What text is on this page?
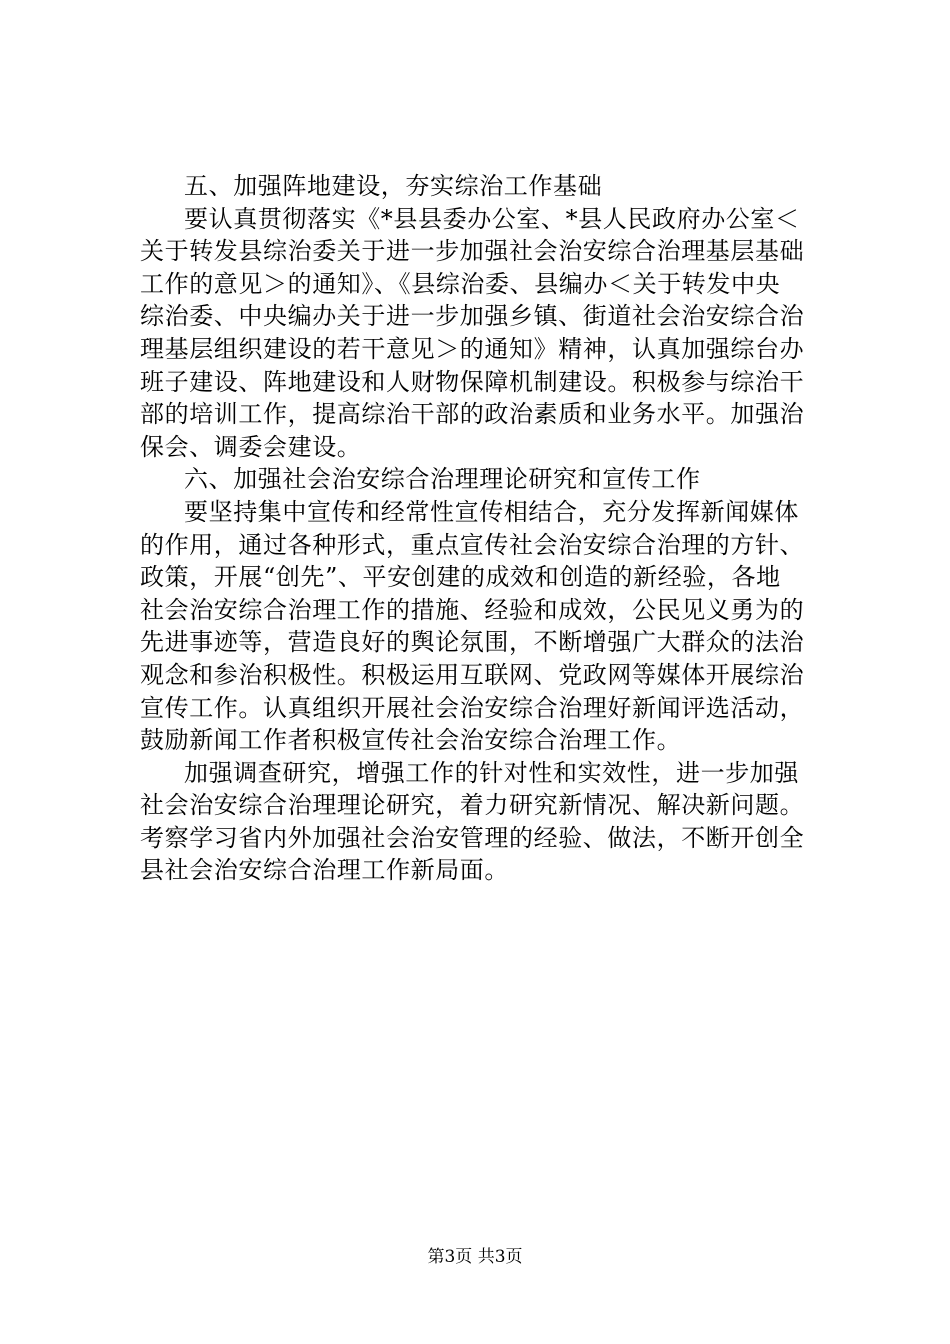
五、加强阵地建设，夯实综治工作基础
要认真贯彻落实《*县县委办公室、*县人民政府办公室＜
关于转发县综治委关于进一步加强社会治安综合治理基层基础
工作的意见＞的通知》、《县综治委、县编办＜关于转发中央
综治委、中央编办关于进一步加强乡镇、街道社会治安综合治
理基层组织建设的若干意见＞的通知》精神，认真加强综台办
班子建设、阵地建设和人财物保障机制建设。积极参与综治干
部的培训工作，提高综治干部的政治素质和业务水平。加强治
保会、调委会建设。
六、加强社会治安综合治理理论研究和宣传工作
要坚持集中宣传和经常性宣传相结合，充分发挥新闻媒体
的作用，通过各种形式，重点宣传社会治安综合治理的方针、
政策，开展“创先”、平安创建的成效和创造的新经验，各地
社会治安综合治理工作的措施、经验和成效，公民见义勇为的
先进事迹等，营造良好的舆论氛围，不断增强广大群众的法治
观念和参治积极性。积极运用互联网、党政网等媒体开展综治
宣传工作。认真组织开展社会治安综合治理好新闻评选活动，
鼓励新闻工作者积极宣传社会治安综合治理工作。
加强调查研究，增强工作的针对性和实效性，进一步加强
社会治安综合治理理论研究，着力研究新情况、解决新问题。
考察学习省内外加强社会治安管理的经验、做法，不断开创全
县社会治安综合治理工作新局面。
第3页 共3页
